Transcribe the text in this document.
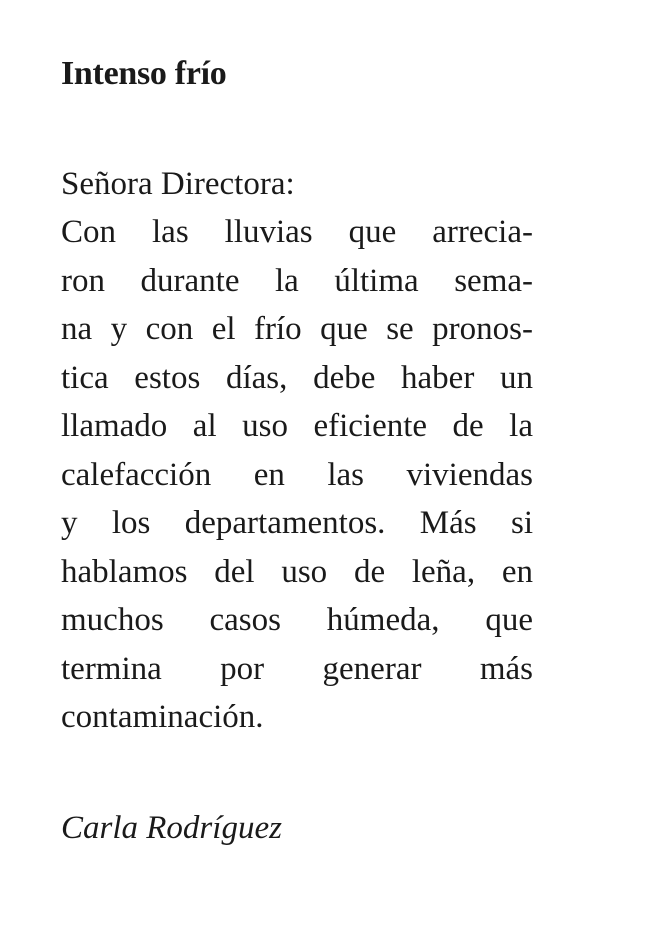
Intenso frío
Señora Directora:
Con las lluvias que arrecia-
ron durante la última sema-
na y con el frío que se pronos-
tica estos días, debe haber un
llamado al uso eficiente de la
calefacción en las viviendas
y los departamentos. Más si
hablamos del uso de leña, en
muchos casos húmeda, que
termina por generar más
contaminación.
Carla Rodríguez
